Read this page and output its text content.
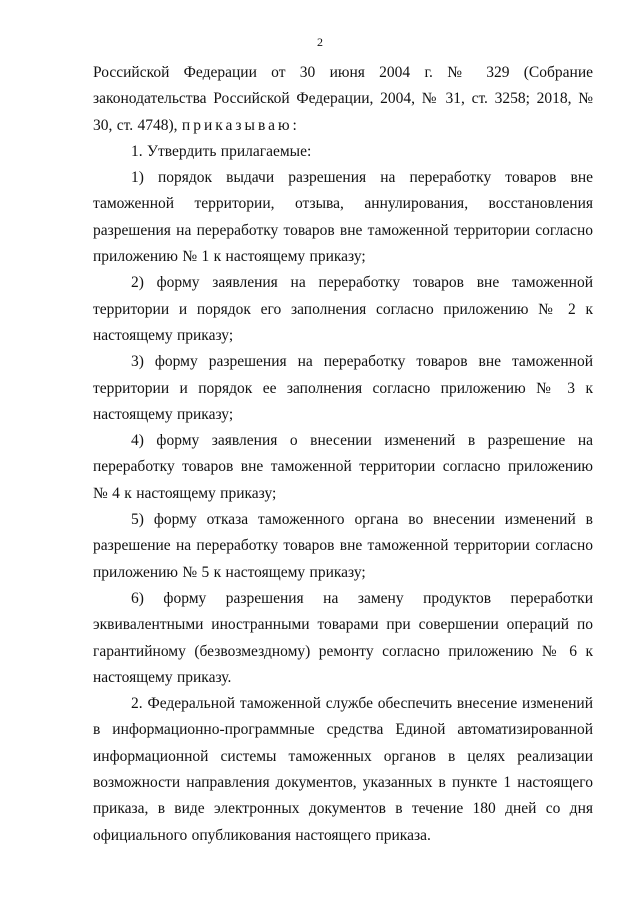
2

Российской Федерации от 30 июня 2004 г. № 329 (Собрание законодательства Российской Федерации, 2004, № 31, ст. 3258; 2018, № 30, ст. 4748), приказываю:

1. Утвердить прилагаемые:

1) порядок выдачи разрешения на переработку товаров вне таможенной территории, отзыва, аннулирования, восстановления разрешения на переработку товаров вне таможенной территории согласно приложению № 1 к настоящему приказу;

2) форму заявления на переработку товаров вне таможенной территории и порядок его заполнения согласно приложению № 2 к настоящему приказу;

3) форму разрешения на переработку товаров вне таможенной территории и порядок ее заполнения согласно приложению № 3 к настоящему приказу;

4) форму заявления о внесении изменений в разрешение на переработку товаров вне таможенной территории согласно приложению № 4 к настоящему приказу;

5) форму отказа таможенного органа во внесении изменений в разрешение на переработку товаров вне таможенной территории согласно приложению № 5 к настоящему приказу;

6) форму разрешения на замену продуктов переработки эквивалентными иностранными товарами при совершении операций по гарантийному (безвозмездному) ремонту согласно приложению № 6 к настоящему приказу.

2. Федеральной таможенной службе обеспечить внесение изменений в информационно-программные средства Единой автоматизированной информационной системы таможенных органов в целях реализации возможности направления документов, указанных в пункте 1 настоящего приказа, в виде электронных документов в течение 180 дней со дня официального опубликования настоящего приказа.
